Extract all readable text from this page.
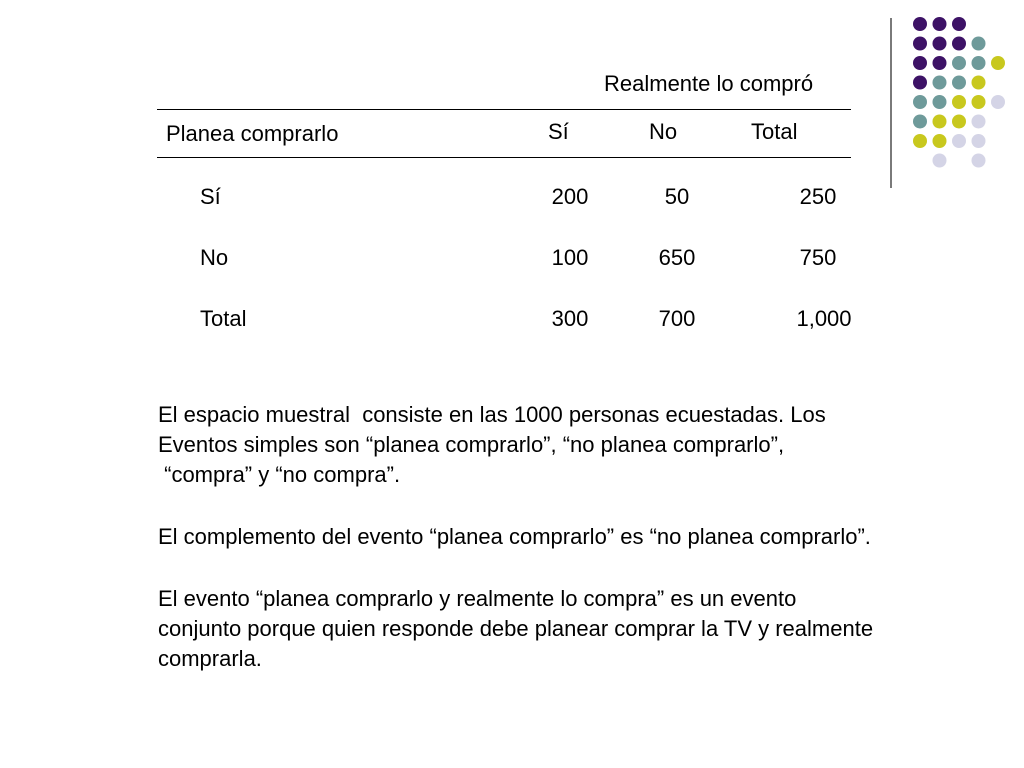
Realmente lo compró
Planea comprarlo	Sí	No	Total
Sí	200	50	250
No	100	650	750
Total	300	700	1,000

El espacio muestral  consiste en las 1000 personas ecuestadas. Los
Eventos simples son “planea comprarlo”, “no planea comprarlo”,
“compra” y “no compra”.

El complemento del evento “planea comprarlo” es “no planea comprarlo”.

El evento “planea comprarlo y realmente lo compra” es un evento
conjunto porque quien responde debe planear comprar la TV y realmente
comprarla.
